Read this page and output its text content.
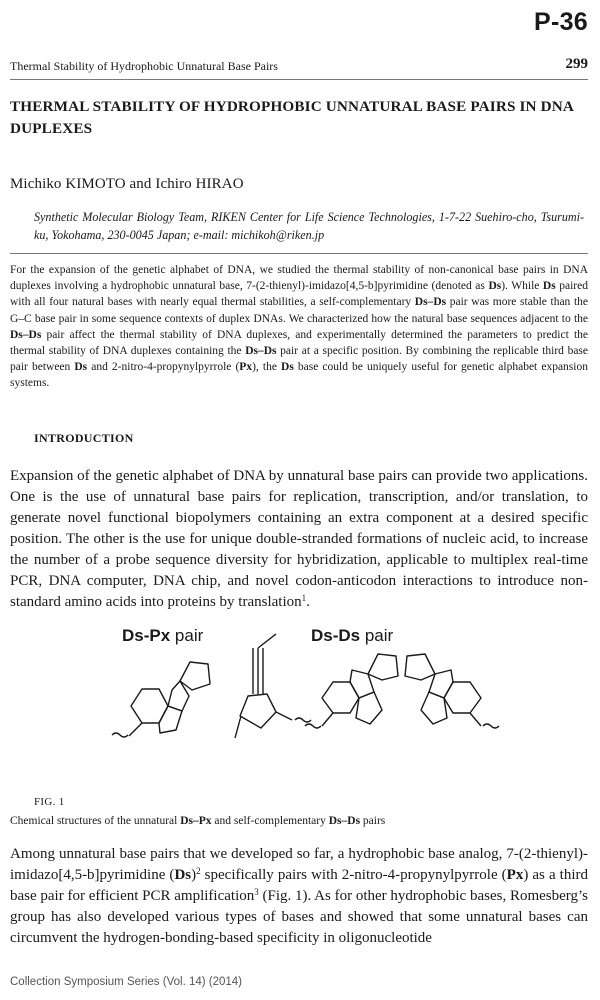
P-36
Thermal Stability of Hydrophobic Unnatural Base Pairs	299
THERMAL STABILITY OF HYDROPHOBIC UNNATURAL BASE PAIRS IN DNA DUPLEXES
Michiko KIMOTO and Ichiro HIRAO
Synthetic Molecular Biology Team, RIKEN Center for Life Science Technologies, 1-7-22 Suehiro-cho, Tsurumi-ku, Yokohama, 230-0045 Japan; e-mail: michikoh@riken.jp
For the expansion of the genetic alphabet of DNA, we studied the thermal stability of non-canonical base pairs in DNA duplexes involving a hydrophobic unnatural base, 7-(2-thienyl)-imidazo[4,5-b]pyrimidine (denoted as Ds). While Ds paired with all four natural bases with nearly equal thermal stabilities, a self-complementary Ds–Ds pair was more stable than the G–C base pair in some sequence contexts of duplex DNAs. We characterized how the natural base sequences adjacent to the Ds–Ds pair affect the thermal stability of DNA duplexes, and experimentally determined the parameters to predict the thermal stability of DNA duplexes containing the Ds–Ds pair at a specific position. By combining the replicable third base pair between Ds and 2-nitro-4-propynylpyrrole (Px), the Ds base could be uniquely useful for genetic alphabet expansion systems.
INTRODUCTION
Expansion of the genetic alphabet of DNA by unnatural base pairs can provide two applications. One is the use of unnatural base pairs for replication, transcription, and/or translation, to generate novel functional biopolymers containing an extra component at a desired specific position. The other is the use for unique double-stranded formations of nucleic acid, to increase the number of a probe sequence diversity for hybridization, applicable to multiplex real-time PCR, DNA computer, DNA chip, and novel codon-anticodon interactions to introduce non-standard amino acids into proteins by translation$^1$.
Ds-Px pair	Ds-Ds pair
FIG. 1
Chemical structures of the unnatural Ds–Px and self-complementary Ds–Ds pairs
Among unnatural base pairs that we developed so far, a hydrophobic base analog, 7-(2-thienyl)-imidazo[4,5-b]pyrimidine $(Ds)^2$ specifically pairs with 2-nitro-4-propynylpyrrole (Px) as a third base pair for efficient PCR amplification$^3$ (Fig. 1). As for other hydrophobic bases, Romesberg’s group has also developed various types of bases and showed that some unnatural bases can circumvent the hydrogen-bonding-based specificity in oligonucleotide
Collection Symposium Series (Vol. 14) (2014)
